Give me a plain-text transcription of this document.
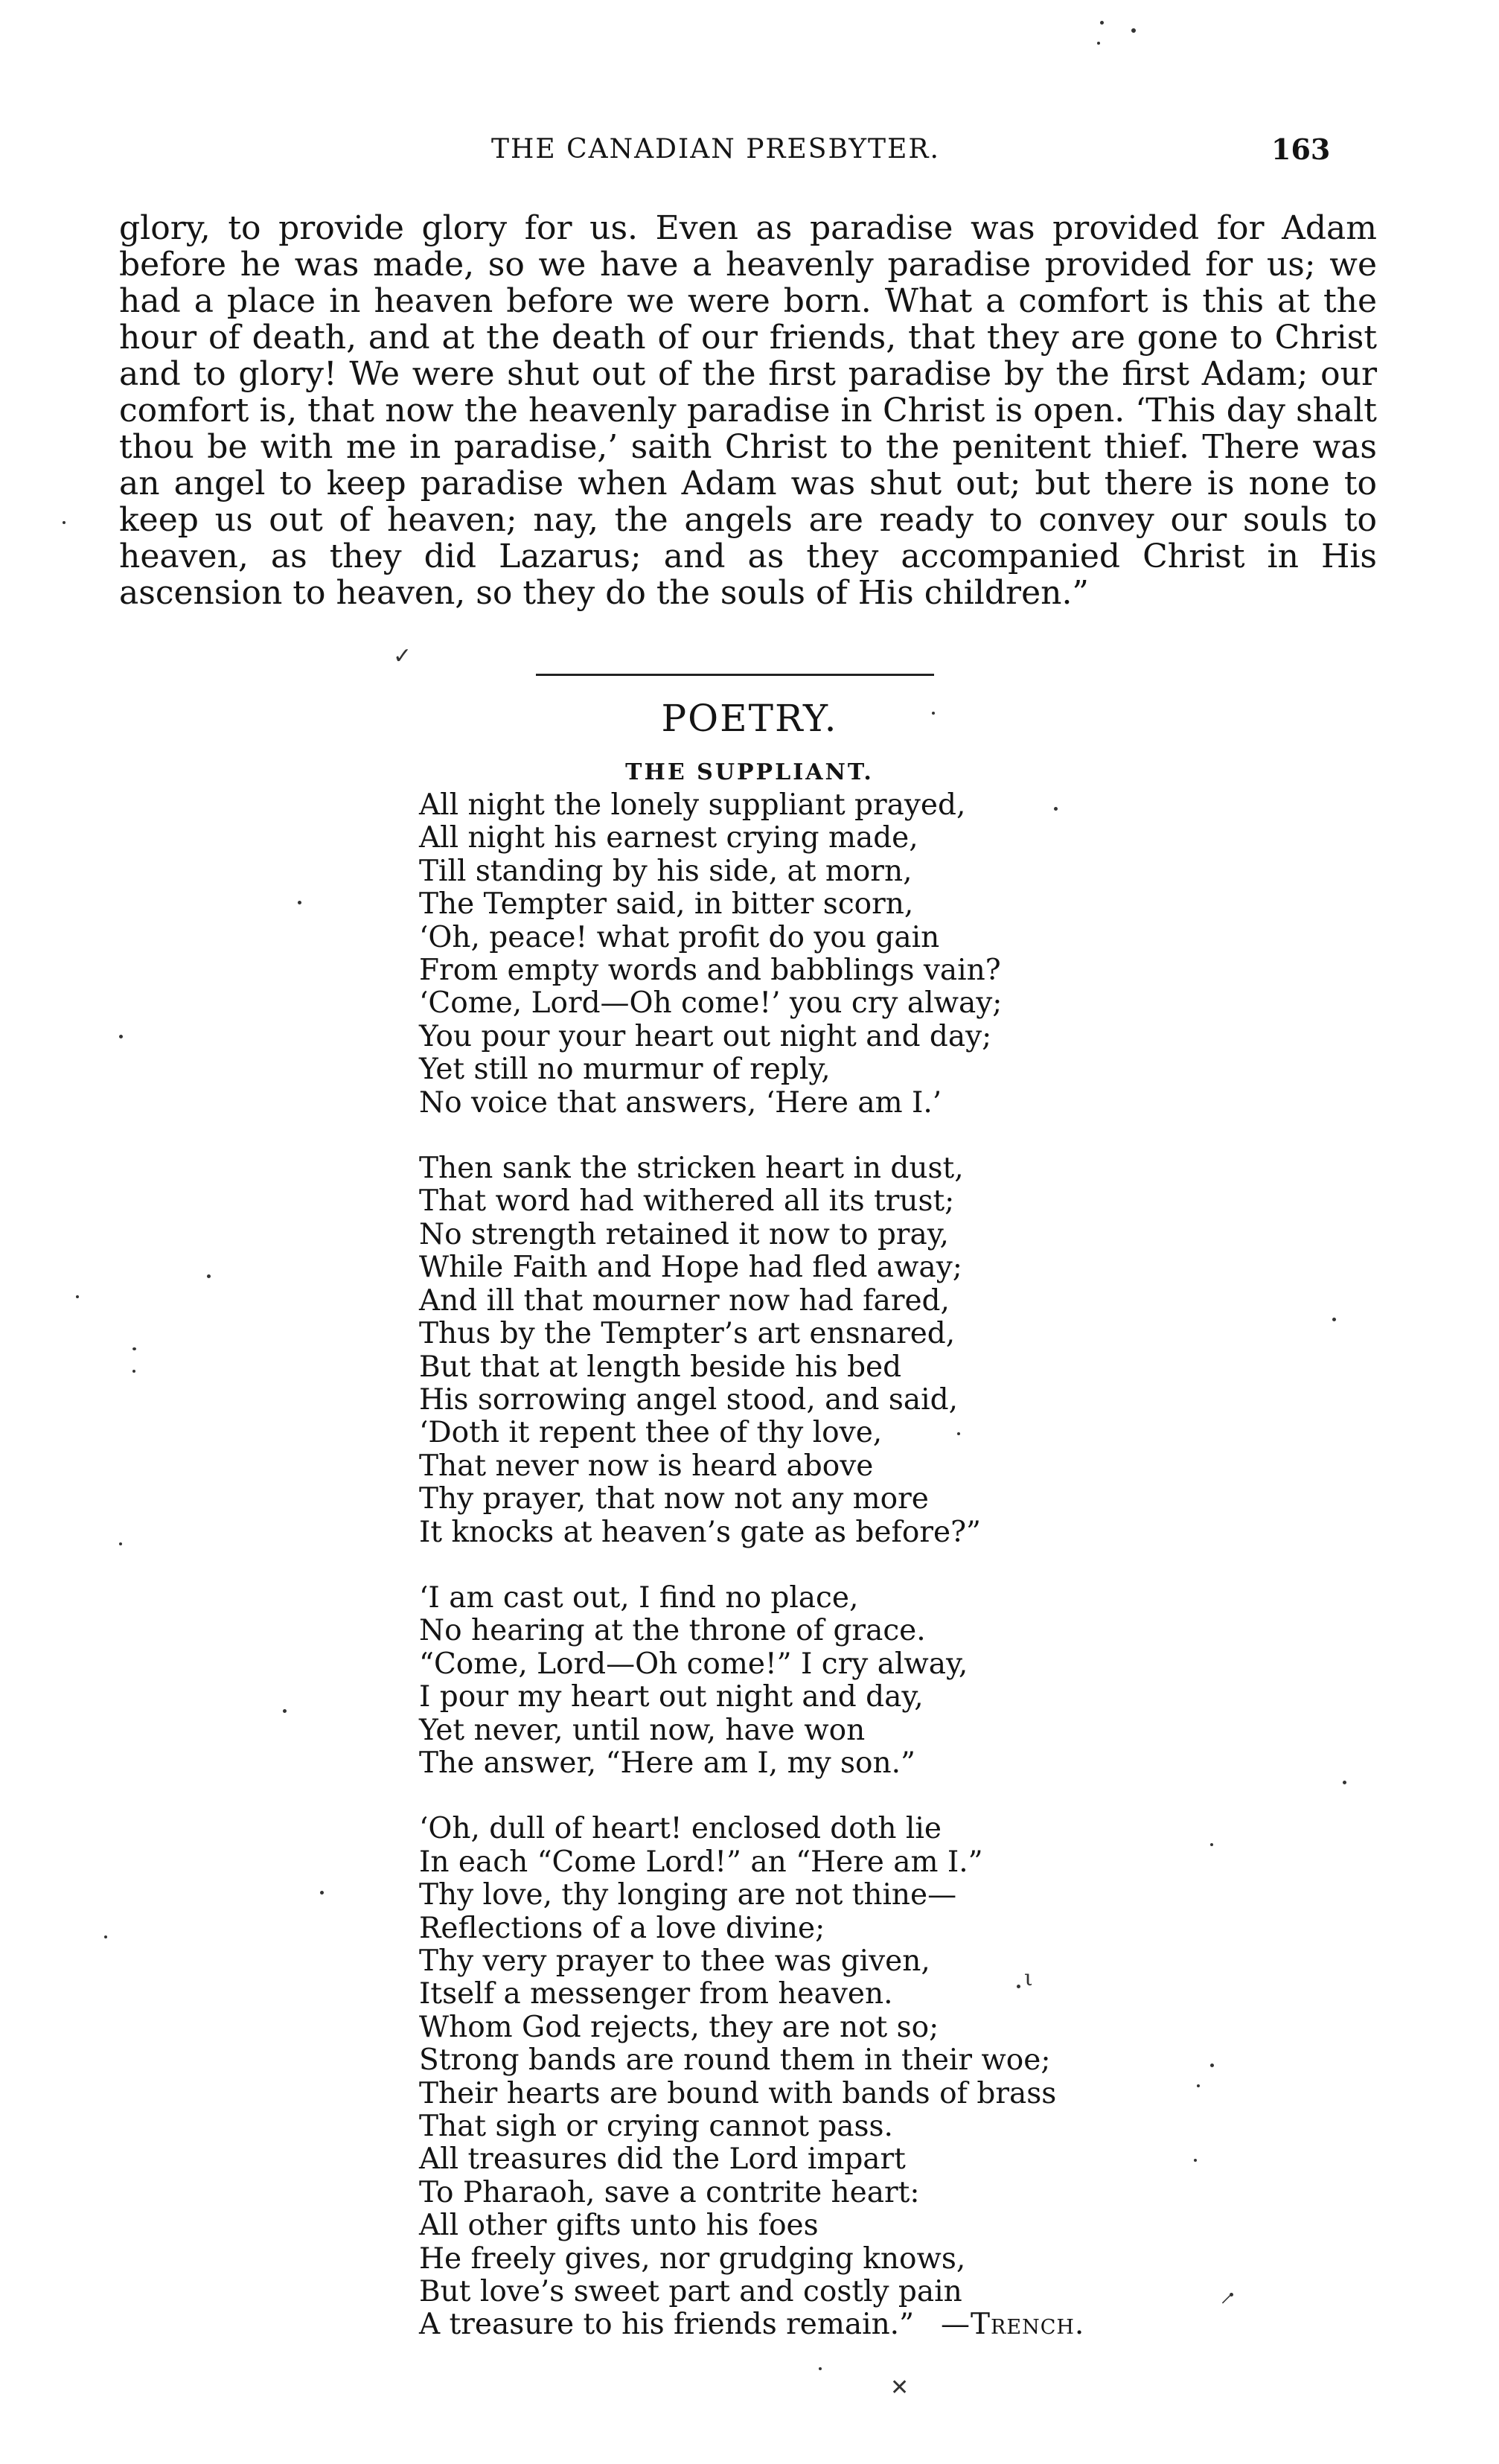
THE CANADIAN PRESBYTER.	163

glory, to provide glory for us. Even as paradise was provided for Adam before he was made, so we have a heavenly paradise provided for us; we had a place in heaven before we were born. What a comfort is this at the hour of death, and at the death of our friends, that they are gone to Christ and to glory! We were shut out of the first paradise by the first Adam; our comfort is, that now the heavenly paradise in Christ is open. ‘This day shalt thou be with me in paradise,’ saith Christ to the penitent thief. There was an angel to keep paradise when Adam was shut out; but there is none to keep us out of heaven; nay, the angels are ready to convey our souls to heaven, as they did Lazarus; and as they accompanied Christ in His ascension to heaven, so they do the souls of His children.”

POETRY.
THE SUPPLIANT.
All night the lonely suppliant prayed,
All night his earnest crying made,
Till standing by his side, at morn,
The Tempter said, in bitter scorn,
‘Oh, peace! what profit do you gain
From empty words and babblings vain?
‘Come, Lord—Oh come!’ you cry alway;
You pour your heart out night and day;
Yet still no murmur of reply,
No voice that answers, ‘Here am I.’
Then sank the stricken heart in dust,
That word had withered all its trust;
No strength retained it now to pray,
While Faith and Hope had fled away;
And ill that mourner now had fared,
Thus by the Tempter’s art ensnared,
But that at length beside his bed
His sorrowing angel stood, and said,
‘Doth it repent thee of thy love,
That never now is heard above
Thy prayer, that now not any more
It knocks at heaven’s gate as before?”
‘I am cast out, I find no place,
No hearing at the throne of grace.
“Come, Lord—Oh come!” I cry alway,
I pour my heart out night and day,
Yet never, until now, have won
The answer, “Here am I, my son.”
‘Oh, dull of heart! enclosed doth lie
In each “Come Lord!” an “Here am I.”
Thy love, thy longing are not thine—
Reflections of a love divine;
Thy very prayer to thee was given,
Itself a messenger from heaven.
Whom God rejects, they are not so;
Strong bands are round them in their woe;
Their hearts are bound with bands of brass
That sigh or crying cannot pass.
All treasures did the Lord impart
To Pharaoh, save a contrite heart:
All other gifts unto his foes
He freely gives, nor grudging knows,
But love’s sweet part and costly pain
A treasure to his friends remain.” —Trench.
✓
ι
✕
⸝
